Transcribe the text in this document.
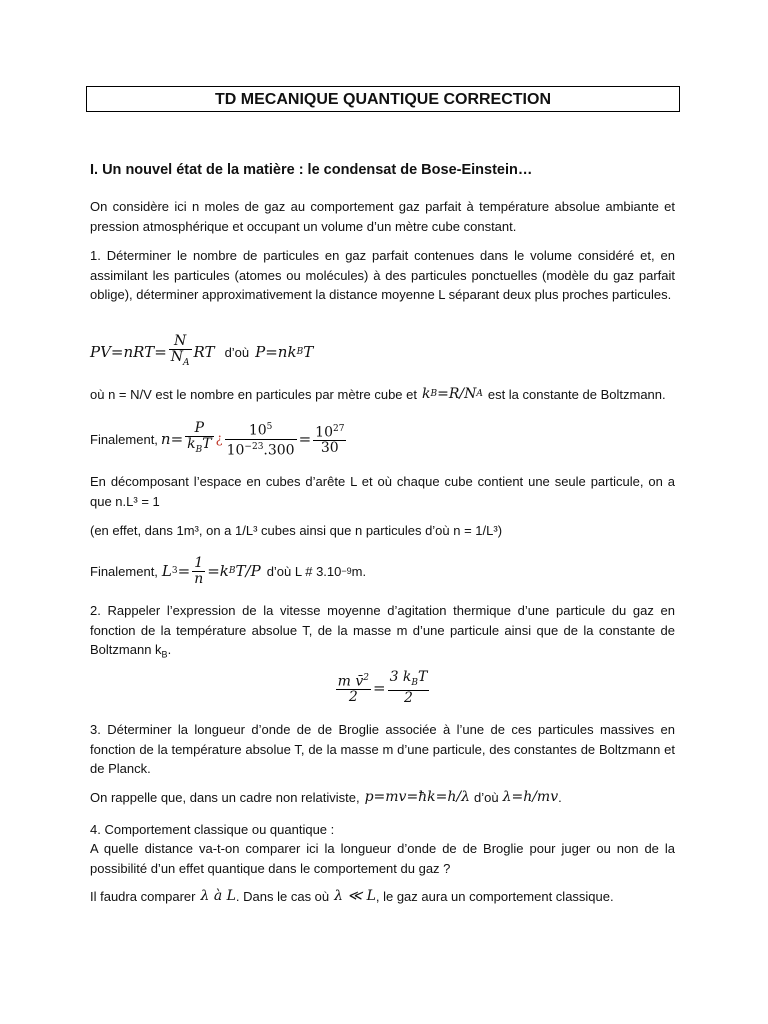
TD MECANIQUE QUANTIQUE CORRECTION
I. Un nouvel état de la matière : le condensat de Bose-Einstein…
On considère ici n moles de gaz au comportement gaz parfait à température absolue ambiante et pression atmosphérique et occupant un volume d’un mètre cube constant.
1. Déterminer le nombre de particules en gaz parfait contenues dans le volume considéré et, en assimilant les particules (atomes ou molécules) à des particules ponctuelles (modèle du gaz parfait oblige), déterminer approximativement la distance moyenne L séparant deux plus proches particules.
$PV=nRT= \frac{N}{N_A}$ RT d’où P=nk B T
où n = N/V est le nombre en particules par mètre cube et k B =R/N A est la constante de Boltzmann.
Finalement, $n= \frac{P}{k_BT}$ ¿ $\frac{10^5}{10^{-23}.300} = \frac{10^{27}}{30}$
En décomposant l’espace en cubes d’arête L et où chaque cube contient une seule particule, on a que n.L³ = 1
(en effet, dans 1m³, on a 1/L³ cubes ainsi que n particules d’où n = 1/L³)
Finalement, L $3 = \frac{1}{n} =k$ B T/P d’où L # 3.10 −9 m.
2. Rappeler l’expression de la vitesse moyenne d’agitation thermique d’une particule du gaz en fonction de la température absolue T, de la masse m d’une particule ainsi que de la constante de Boltzmann $k_B$.
$\frac{m v̄^2}{2} = \frac{3 k_BT}{2}$
3. Déterminer la longueur d’onde de de Broglie associée à l’une de ces particules massives en fonction de la température absolue T, de la masse m d’une particule, des constantes de Boltzmann et de Planck.
On rappelle que, dans un cadre non relativiste, p=mv=ħk=h/λ d’où λ=h/mv .
4. Comportement classique ou quantique :
A quelle distance va-t-on comparer ici la longueur d’onde de de Broglie pour juger ou non de la possibilité d’un effet quantique dans le comportement du gaz ?
Il faudra comparer λ à L . Dans le cas où λ ≪ L , le gaz aura un comportement classique.
